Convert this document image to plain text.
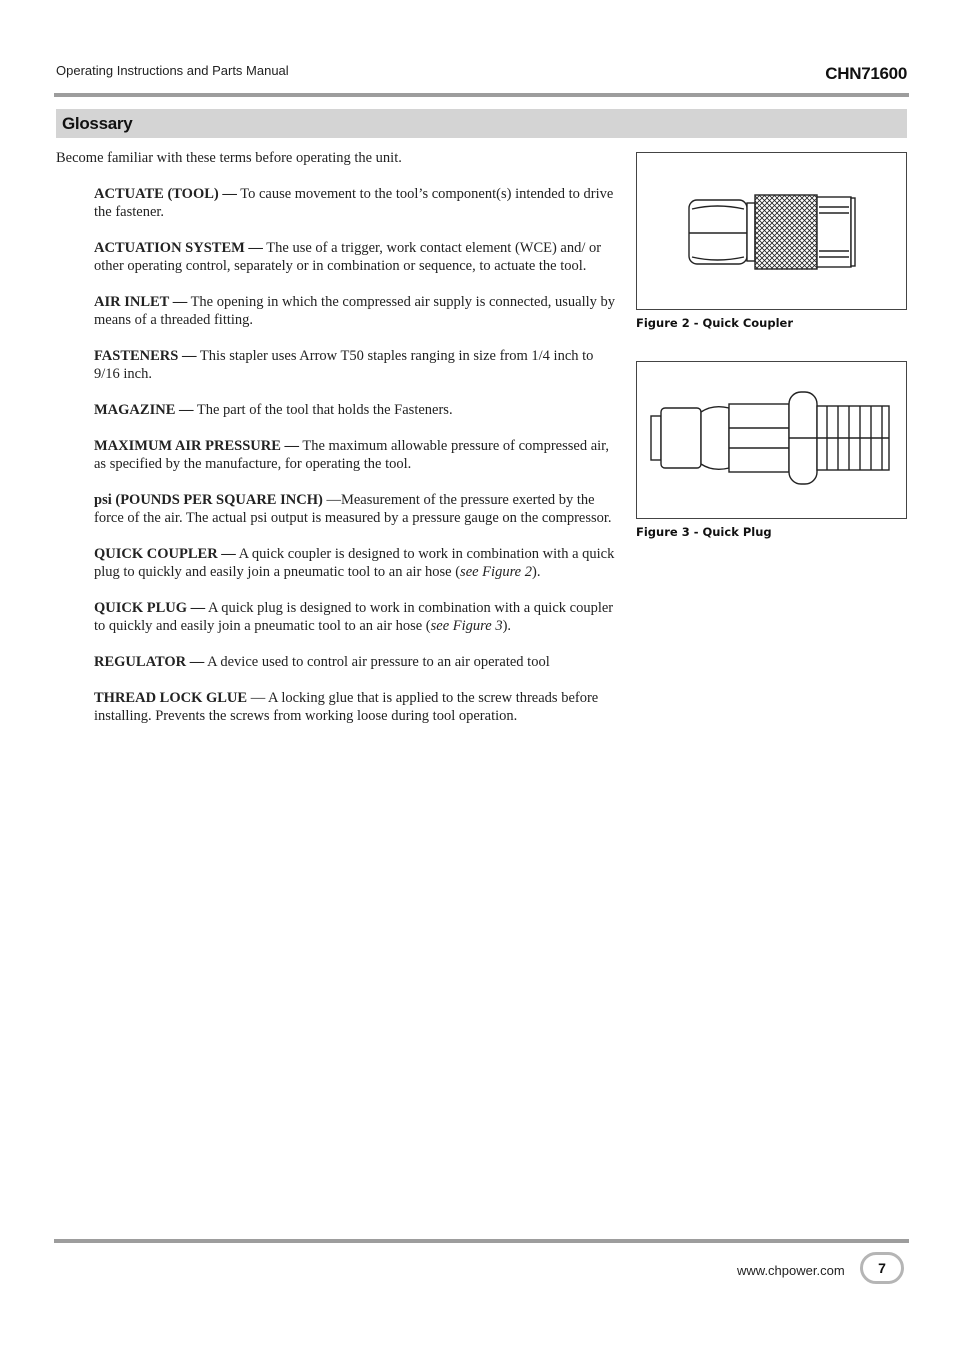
Operating Instructions and Parts Manual	CHN71600
Glossary
Become familiar with these terms before operating the unit.

ACTUATE (TOOL) — To cause movement to the tool’s component(s) intended to drive the fastener.

ACTUATION SYSTEM — The use of a trigger, work contact element (WCE) and/ or other operating control, separately or in combination or sequence, to actuate the tool.

AIR INLET — The opening in which the compressed air supply is connected, usually by means of a threaded fitting.

FASTENERS — This stapler uses Arrow T50 staples ranging in size from 1/4 inch to 9/16 inch.

MAGAZINE — The part of the tool that holds the Fasteners.

MAXIMUM AIR PRESSURE — The maximum allowable pressure of compressed air, as specified by the manufacture, for operating the tool.

psi (POUNDS PER SQUARE INCH) —Measurement of the pressure exerted by the force of the air. The actual psi output is measured by a pressure gauge on the compressor.

QUICK COUPLER — A quick coupler is designed to work in combination with a quick plug to quickly and easily join a pneumatic tool to an air hose (see Figure 2).

QUICK PLUG — A quick plug is designed to work in combination with a quick coupler to quickly and easily join a pneumatic tool to an air hose (see Figure 3).

REGULATOR — A device used to control air pressure to an air operated tool

THREAD LOCK GLUE — A locking glue that is applied to the screw threads before installing. Prevents the screws from working loose during tool operation.

Figure 2 - Quick Coupler
Figure 3 - Quick Plug
www.chpower.com	7
